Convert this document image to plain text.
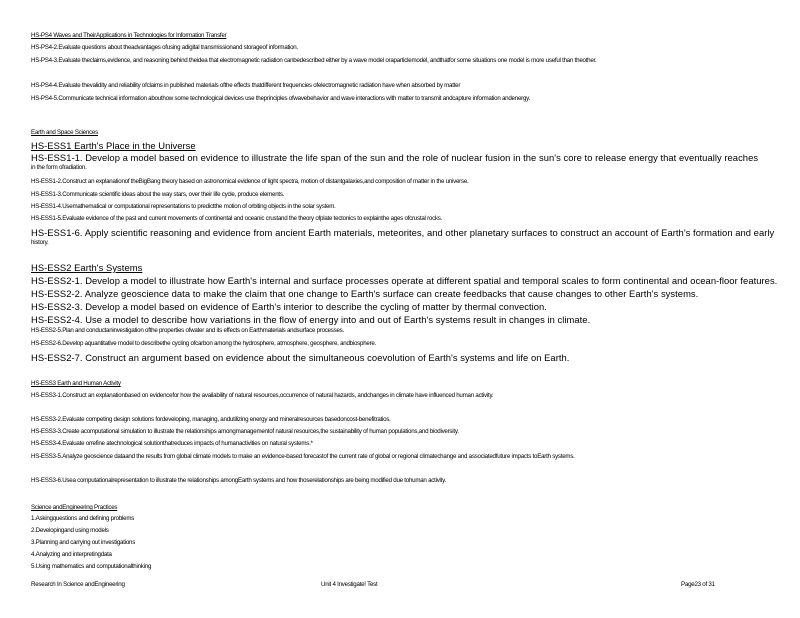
HS-PS4 Waves and TheirApplications in Technologies for Information Transfer
HS-PS4-2.Evaluate questions about theadvantages ofusing adigital transmissionand storageof information.
HS-PS4-3.Evaluate theclaims,evidence, and reasoning behind theidea that electromagnetic radiation canbedescribed either by a wave model oraparticlemodel, andthatfor some situations one model is more useful than theother.
HS-PS4-4.Evaluate thevalidity and reliability ofclaims in published materials ofthe effects thatdifferent frequencies ofelectromagnetic radiation have when absorbed by matter
HS-PS4-5.Communicate technical information abouthow some technological devices use theprinciples ofwavebehavior and wave interactions with matter to transmit andcapture information andenergy.
Earth and Space Sciences
HS-ESS1 Earth's Place in the Universe
HS-ESS1-1. Develop a model based on evidence to illustrate the life span of the sun and the role of nuclear fusion in the sun's core to release energy that eventually reaches
in the form ofradiation.
HS-ESS1-2.Construct an explanationof theBigBang theory based on astronomical evidence of light spectra, motion of distantgalaxies,and composition of matter in the universe.
HS-ESS1-3.Communicate scientific ideas about the way stars, over their life cycle, produce elements.
HS-ESS1-4.Usemathematical or computational representations to predictthe motion of orbiting objects in the solar system.
HS-ESS1-5.Evaluate evidence of the past and current movements of continental and oceanic crustand the theory ofplate tectonics to explainthe ages ofcrustal rocks.
HS-ESS1-6. Apply scientific reasoning and evidence from ancient Earth materials, meteorites, and other planetary surfaces to construct an account of Earth's formation and early
history.
HS-ESS2 Earth's Systems
HS-ESS2-1. Develop a model to illustrate how Earth's internal and surface processes operate at different spatial and temporal scales to form continental and ocean-floor features.
HS-ESS2-2. Analyze geoscience data to make the claim that one change to Earth's surface can create feedbacks that cause changes to other Earth's systems.
HS-ESS2-3. Develop a model based on evidence of Earth's interior to describe the cycling of matter by thermal convection.
HS-ESS2-4. Use a model to describe how variations in the flow of energy into and out of Earth's systems result in changes in climate.
HS-ESS2-5.Plan and conductaninvestigation ofthe properties ofwater and its effects on Earthmaterials andsurface processes.
HS-ESS2-6.Develop aquantitative model to describethe cycling ofcarbon among the hydrosphere, atmosphere, geosphere, andbiosphere.
HS-ESS2-7. Construct an argument based on evidence about the simultaneous coevolution of Earth's systems and life on Earth.
HS-ESS3 Earth and Human Activity
HS-ESS3-1.Construct an explanationbased on evidencefor how the availability of natural resources,occurrence of natural hazards, andchanges in climate have influenced human activity.
HS-ESS3-2.Evaluate competing design solutions fordeveloping, managing, andutilizing energy and mineralresources basedoncost-benefitratios.
HS-ESS3-3.Create acomputational simulation to illustrate the relationships amongmanagementof natural resources,the sustainability of human populations,and biodiversity.
HS-ESS3-4.Evaluate orrefine atechnological solutionthatreduces impacts of humanactivities on natural systems.*
HS-ESS3-5.Analyze geoscience dataand the results from global climate models to make an evidence-based forecastof the current rate of global or regional climatechange and associatedfuture impacts toEarth systems.
HS-ESS3-6.Usea computationalrepresentation to illustrate the relationships amongEarth systems and how thoserelationships are being modified due tohuman activity.
Science andEngineering Practices
1.Askingquestions and defining problems
2.Developingand using models
3.Planning and carrying out investigations
4.Analyzing and interpretingdata
5.Using mathematics and computationalthinking
Research In Science andEngineering	Unit 4 Investigate! Test	Page23 of 31
